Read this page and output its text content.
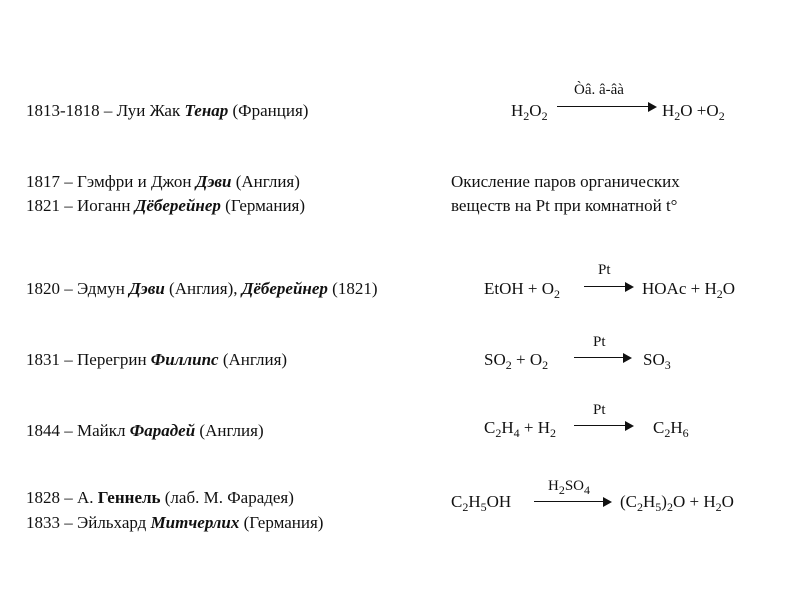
1813-1818 – Луи Жак Тенар (Франция)
1817 – Гэмфри и Джон Дэви (Англия)
1821 – Иоганн Дёберейнер (Германия)
1820 – Эдмун Дэви (Англия), Дёберейнер (1821)
1831 – Перегрин Филлипс (Англия)
1844 – Майкл Фарадей (Англия)
1828 – А. Геннель (лаб. М. Фарадея)
1833 – Эйльхард Митчерлих (Германия)
$H_2O_2$
Òâ. â-âà
$H_2O +O_2$
Окисление паров органических
веществ на Pt при комнатной t°
EtOH + $O_2$
Pt
HOAc + $H_2O$
$SO_2 + O_2$
Pt
$SO_3$
$C_2H_4 + H_2$
Pt
$C_2H_6$
$C_2H_5OH$
$H_2SO_4$
$(C_2H_5)_2O + H_2O$
